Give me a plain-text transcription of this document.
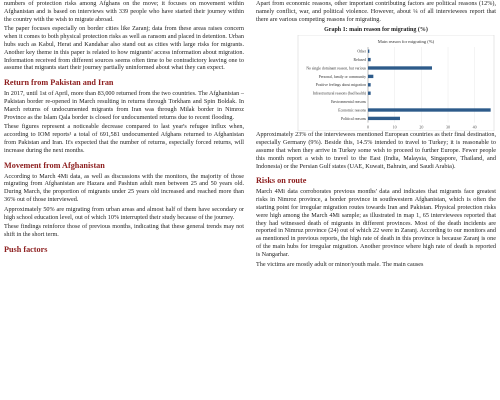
numbers of protection risks among Afghans on the move; it focuses on movement within Afghanistan and is based on interviews with 339 people who have started their journey within the country with the wish to migrate abroad.

The paper focuses especially on border cities like Zaranj; data from these areas raises concern when it comes to both physical protection risks as well as ransom and placed in detention. Urban hubs such as Kabul, Herat and Kandahar also stand out as cities with large risks for migrants. Another key theme in this paper is related to how migrants' access information about migration. Information received from different sources seems often time to be contradictory leaving one to assume that migrants start their journey partially uninformed about what they can expect.

Return from Pakistan and Iran

In 2017, until 1st of April, more than 83,000 returned from the two countries. The Afghanistan – Pakistan border re-opened in March resulting in returns through Torkham and Spin Boldak. In March returns of undocumented migrants from Iran was through Milak border in Nimroz Province as the Islam Qala border is closed for undocumented returns due to recent flooding.

These figures represent a noticeable decrease compared to last year's refugee influx when, according to IOM reports¹ a total of 691,581 undocumented Afghans returned to Afghanistan from Pakistan and Iran. It's expected that the number of returns, especially forced returns, will increase during the next months.

Movement from Afghanistan

According to March 4Mi data, as well as discussions with the monitors, the majority of those migrating from Afghanistan are Hazara and Pashtun adult men between 25 and 50 years old. During March, the proportion of migrants under 25 years old increased and reached more than 36% out of those interviewed.

Approximately 50% are migrating from urban areas and almost half of them have secondary or high school education level, out of which 10% interrupted their study because of the journey.

These findings reinforce those of previous months, indicating that these general trends may not shift in the short term.

Push factors

Apart from economic reasons, other important contributing factors are political reasons (12%), namely conflict, war, and political violence. However, about ¼ of all interviewees report that there are various competing reasons for migrating.

Graph 1: main reason for migrating (%)
Main reason for migrating (%)
0	10	20	30	40
Other
Refused
No single dominant reason, but various
Personal, family or community
Positive feelings about migration
Infrastructural reasons (bad health)
Environmental reasons
Economic reasons
Political reasons

Approximately 23% of the interviewees mentioned European countries as their final destination, especially Germany (9%). Beside this, 14.5% intended to travel to Turkey; it is reasonable to assume that when they arrive in Turkey some wish to proceed to further Europe. Fewer people this month report a wish to travel to the East (India, Malaysia, Singapore, Thailand, and Indonesia) or the Persian Gulf states (UAE, Kuwait, Bahrain, and Saudi Arabia).

Risks on route

March 4Mi data corroborates previous months' data and indicates that migrants face greatest risks in Nimroz province, a border province in southwestern Afghanistan, which is often the starting point for irregular migration routes towards Iran and Pakistan. Physical protection risks were high among the March 4Mi sample; as illustrated in map 1, 65 interviewees reported that they had witnessed death of migrants in different provinces. Most of the death incidents are reported in Nimruz province (24) out of which 22 were in Zaranj. According to our monitors and as mentioned in previous reports, the high rate of death in this province is because Zaranj is one of the main hubs for irregular migration. Another province where high rate of death is reported is Nangarhar.

The victims are mostly adult or minor/youth male. The main causes
